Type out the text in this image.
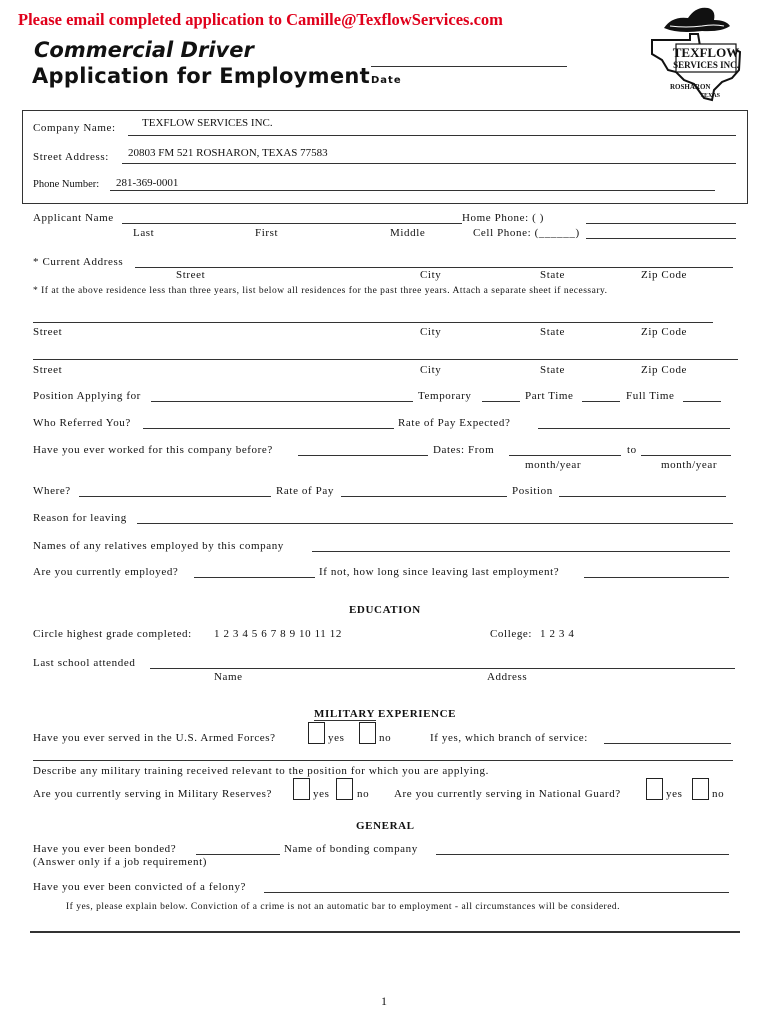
Please email completed application to Camille@TexflowServices.com
Commercial Driver
Application for Employment Date
TEXFLOW
SERVICES INC.
ROSHARON
TEXAS
Company Name: TEXFLOW SERVICES INC.
Street Address: 20803 FM 521 ROSHARON, TEXAS 77583
Phone Number: 281-369-0001
Applicant Name	Home Phone: ( )
Last	First	Middle	Cell Phone: (______)
* Current Address
Street	City	State	Zip Code
* If at the above residence less than three years, list below all residences for the past three years. Attach a separate sheet if necessary.
Street	City	State	Zip Code
Street	City	State	Zip Code
Position Applying for	Temporary	Part Time	Full Time
Who Referred You?	Rate of Pay Expected?
Have you ever worked for this company before?	Dates: From	to
month/year	month/year
Where?	Rate of Pay	Position
Reason for leaving
Names of any relatives employed by this company
Are you currently employed?	If not, how long since leaving last employment?
EDUCATION
Circle highest grade completed: 1 2 3 4 5 6 7 8 9 10 11 12	College: 1 2 3 4
Last school attended
Name	Address
MILITARY EXPERIENCE
Have you ever served in the U.S. Armed Forces?	yes	no	If yes, which branch of service:
Describe any military training received relevant to the position for which you are applying.
Are you currently serving in Military Reserves?	yes	no Are you currently serving in National Guard?	yes	no
GENERAL
Have you ever been bonded?	Name of bonding company
(Answer only if a job requirement)
Have you ever been convicted of a felony?
If yes, please explain below. Conviction of a crime is not an automatic bar to employment - all circumstances will be considered.
1
